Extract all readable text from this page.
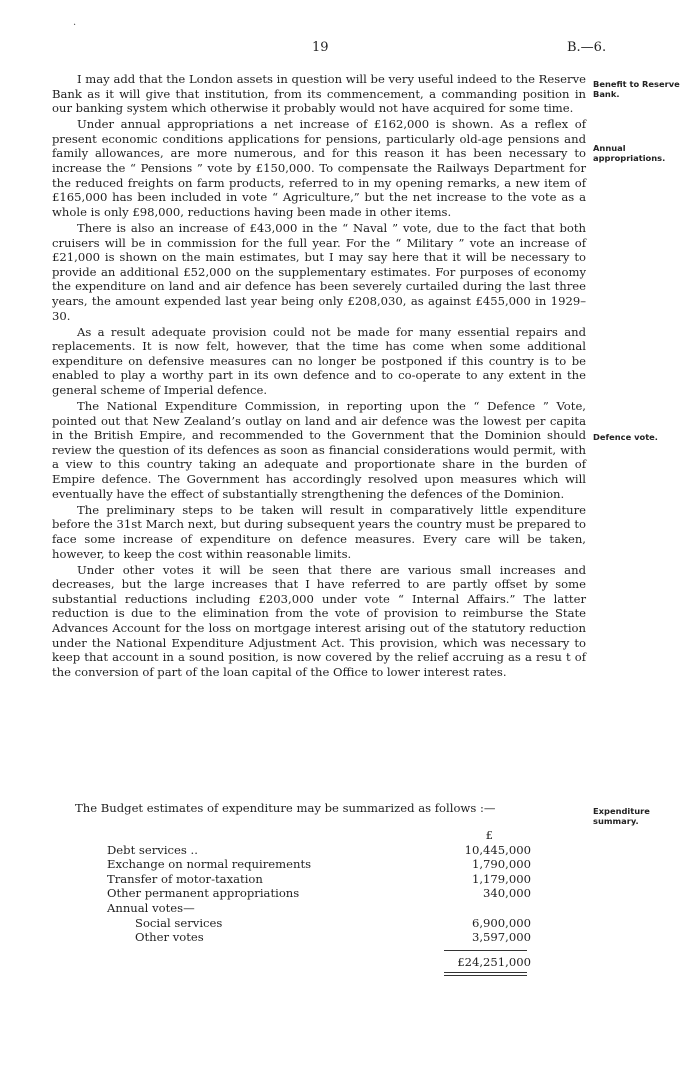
·
19	B.—6.

I may add that the London assets in question will be very useful indeed to the Reserve Bank as it will give that institution, from its commencement, a commanding position in our banking system which otherwise it probably would not have acquired for some time.

Under annual appropriations a net increase of £162,000 is shown. As a reflex of present economic conditions applications for pensions, particularly old-age pensions and family allowances, are more numerous, and for this reason it has been necessary to increase the “ Pensions ” vote by £150,000. To compensate the Railways Department for the reduced freights on farm products, referred to in my opening remarks, a new item of £165,000 has been included in vote “ Agriculture,” but the net increase to the vote as a whole is only £98,000, reductions having been made in other items.

There is also an increase of £43,000 in the “ Naval ” vote, due to the fact that both cruisers will be in commission for the full year. For the “ Military ” vote an increase of £21,000 is shown on the main estimates, but I may say here that it will be necessary to provide an additional £52,000 on the supplementary estimates. For purposes of economy the expenditure on land and air defence has been severely curtailed during the last three years, the amount expended last year being only £208,030, as against £455,000 in 1929–30.

As a result adequate provision could not be made for many essential repairs and replacements. It is now felt, however, that the time has come when some additional expenditure on defensive measures can no longer be postponed if this country is to be enabled to play a worthy part in its own defence and to co-operate to any extent in the general scheme of Imperial defence.

The National Expenditure Commission, in reporting upon the “ Defence ” Vote, pointed out that New Zealand’s outlay on land and air defence was the lowest per capita in the British Empire, and recommended to the Government that the Dominion should review the question of its defences as soon as financial considerations would permit, with a view to this country taking an adequate and proportionate share in the burden of Empire defence. The Government has accordingly resolved upon measures which will eventually have the effect of substantially strengthening the defences of the Dominion.

The preliminary steps to be taken will result in comparatively little expenditure before the 31st March next, but during subsequent years the country must be prepared to face some increase of expenditure on defence measures. Every care will be taken, however, to keep the cost within reasonable limits.

Under other votes it will be seen that there are various small increases and decreases, but the large increases that I have referred to are partly offset by some substantial reductions including £203,000 under vote “ Internal Affairs.” The latter reduction is due to the elimination from the vote of provision to reimburse the State Advances Account for the loss on mortgage interest arising out of the statutory reduction under the National Expenditure Adjustment Act. This provision, which was necessary to keep that account in a sound position, is now covered by the relief accruing as a resu t of the conversion of part of the loan capital of the Office to lower interest rates.

Benefit to Reserve Bank.
Annual appropriations.
Defence vote.
Expenditure summary.
The Budget estimates of expenditure may be summarized as follows :—
£
Debt services ..	10,445,000
Exchange on normal requirements	1,790,000
Transfer of motor-taxation	1,179,000
Other permanent appropriations	340,000
Annual votes—
Social services	6,900,000
Other votes	3,597,000
£24,251,000
